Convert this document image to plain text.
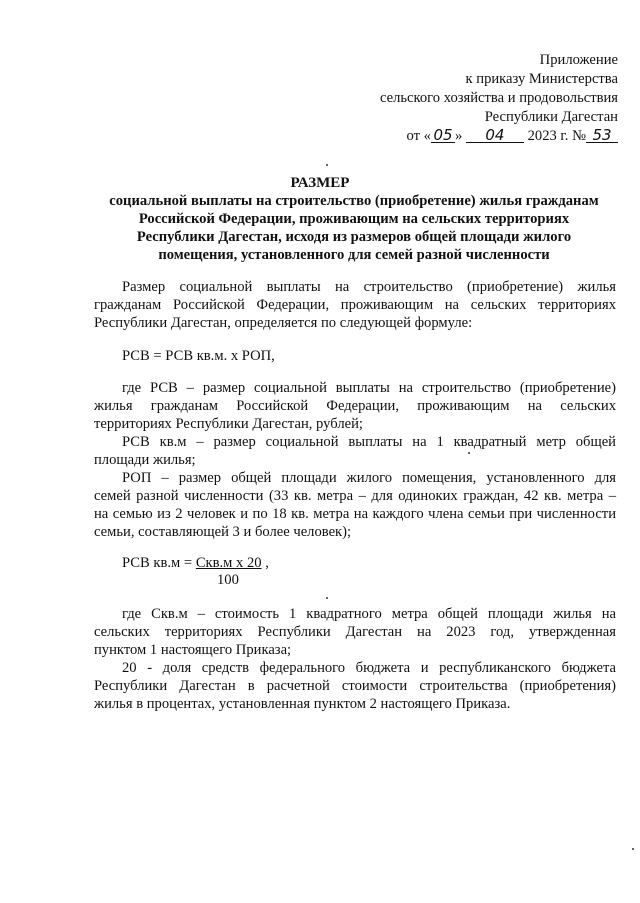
Приложение
к приказу Министерства
сельского хозяйства и продовольствия
Республики Дагестан
от « 05 » 04 2023 г. № 53
РАЗМЕР
социальной выплаты на строительство (приобретение) жилья гражданам
Российской Федерации, проживающим на сельских территориях
Республики Дагестан, исходя из размеров общей площади жилого
помещения, установленного для семей разной численности
Размер социальной выплаты на строительство (приобретение) жилья
гражданам Российской Федерации, проживающим на сельских территориях
Республики Дагестан, определяется по следующей формуле:
РСВ = РСВ кв.м. х РОП,
где РСВ – размер социальной выплаты на строительство (приобретение)
жилья гражданам Российской Федерации, проживающим на сельских
территориях Республики Дагестан, рублей;
РСВ кв.м – размер социальной выплаты на 1 квадратный метр общей
площади жилья;
РОП – размер общей площади жилого помещения, установленного для
семей разной численности (33 кв. метра – для одиноких граждан, 42 кв. метра –
на семью из 2 человек и по 18 кв. метра на каждого члена семьи при численности
семьи, составляющей 3 и более человек);
РСВ кв.м = Скв.м х 20 ,
100
где Скв.м – стоимость 1 квадратного метра общей площади жилья на
сельских территориях Республики Дагестан на 2023 год, утвержденная
пунктом 1 настоящего Приказа;
20 - доля средств федерального бюджета и республиканского бюджета
Республики Дагестан в расчетной стоимости строительства (приобретения)
жилья в процентах, установленная пунктом 2 настоящего Приказа.
